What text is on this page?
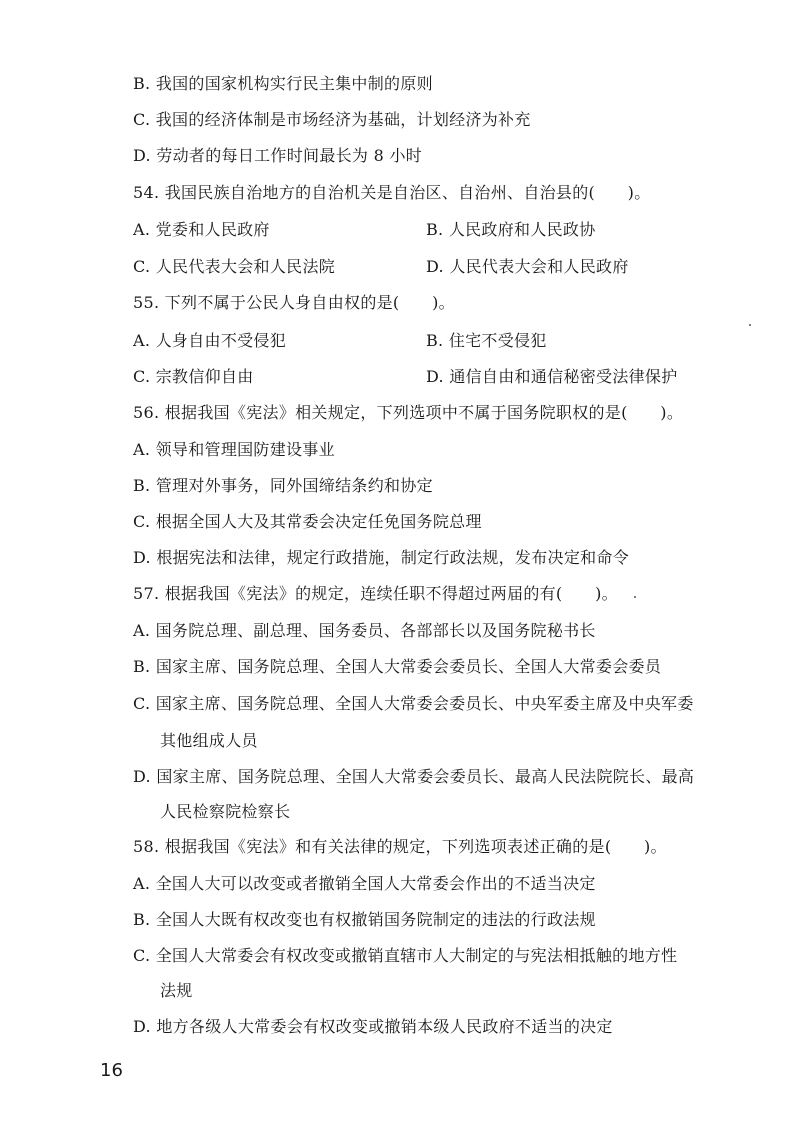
B. 我国的国家机构实行民主集中制的原则
C. 我国的经济体制是市场经济为基础，计划经济为补充
D. 劳动者的每日工作时间最长为 8 小时
54. 我国民族自治地方的自治机关是自治区、自治州、自治县的(　　)。
A. 党委和人民政府	B. 人民政府和人民政协
C. 人民代表大会和人民法院	D. 人民代表大会和人民政府
55. 下列不属于公民人身自由权的是(　　)。
A. 人身自由不受侵犯	B. 住宅不受侵犯
C. 宗教信仰自由	D. 通信自由和通信秘密受法律保护
56. 根据我国《宪法》相关规定，下列选项中不属于国务院职权的是(　　)。
A. 领导和管理国防建设事业
B. 管理对外事务，同外国缔结条约和协定
C. 根据全国人大及其常委会决定任免国务院总理
D. 根据宪法和法律，规定行政措施，制定行政法规，发布决定和命令
57. 根据我国《宪法》的规定，连续任职不得超过两届的有(　　)。
A. 国务院总理、副总理、国务委员、各部部长以及国务院秘书长
B. 国家主席、国务院总理、全国人大常委会委员长、全国人大常委会委员
C. 国家主席、国务院总理、全国人大常委会委员长、中央军委主席及中央军委
其他组成人员
D. 国家主席、国务院总理、全国人大常委会委员长、最高人民法院院长、最高
人民检察院检察长
58. 根据我国《宪法》和有关法律的规定，下列选项表述正确的是(　　)。
A. 全国人大可以改变或者撤销全国人大常委会作出的不适当决定
B. 全国人大既有权改变也有权撤销国务院制定的违法的行政法规
C. 全国人大常委会有权改变或撤销直辖市人大制定的与宪法相抵触的地方性
法规
D. 地方各级人大常委会有权改变或撤销本级人民政府不适当的决定
16
